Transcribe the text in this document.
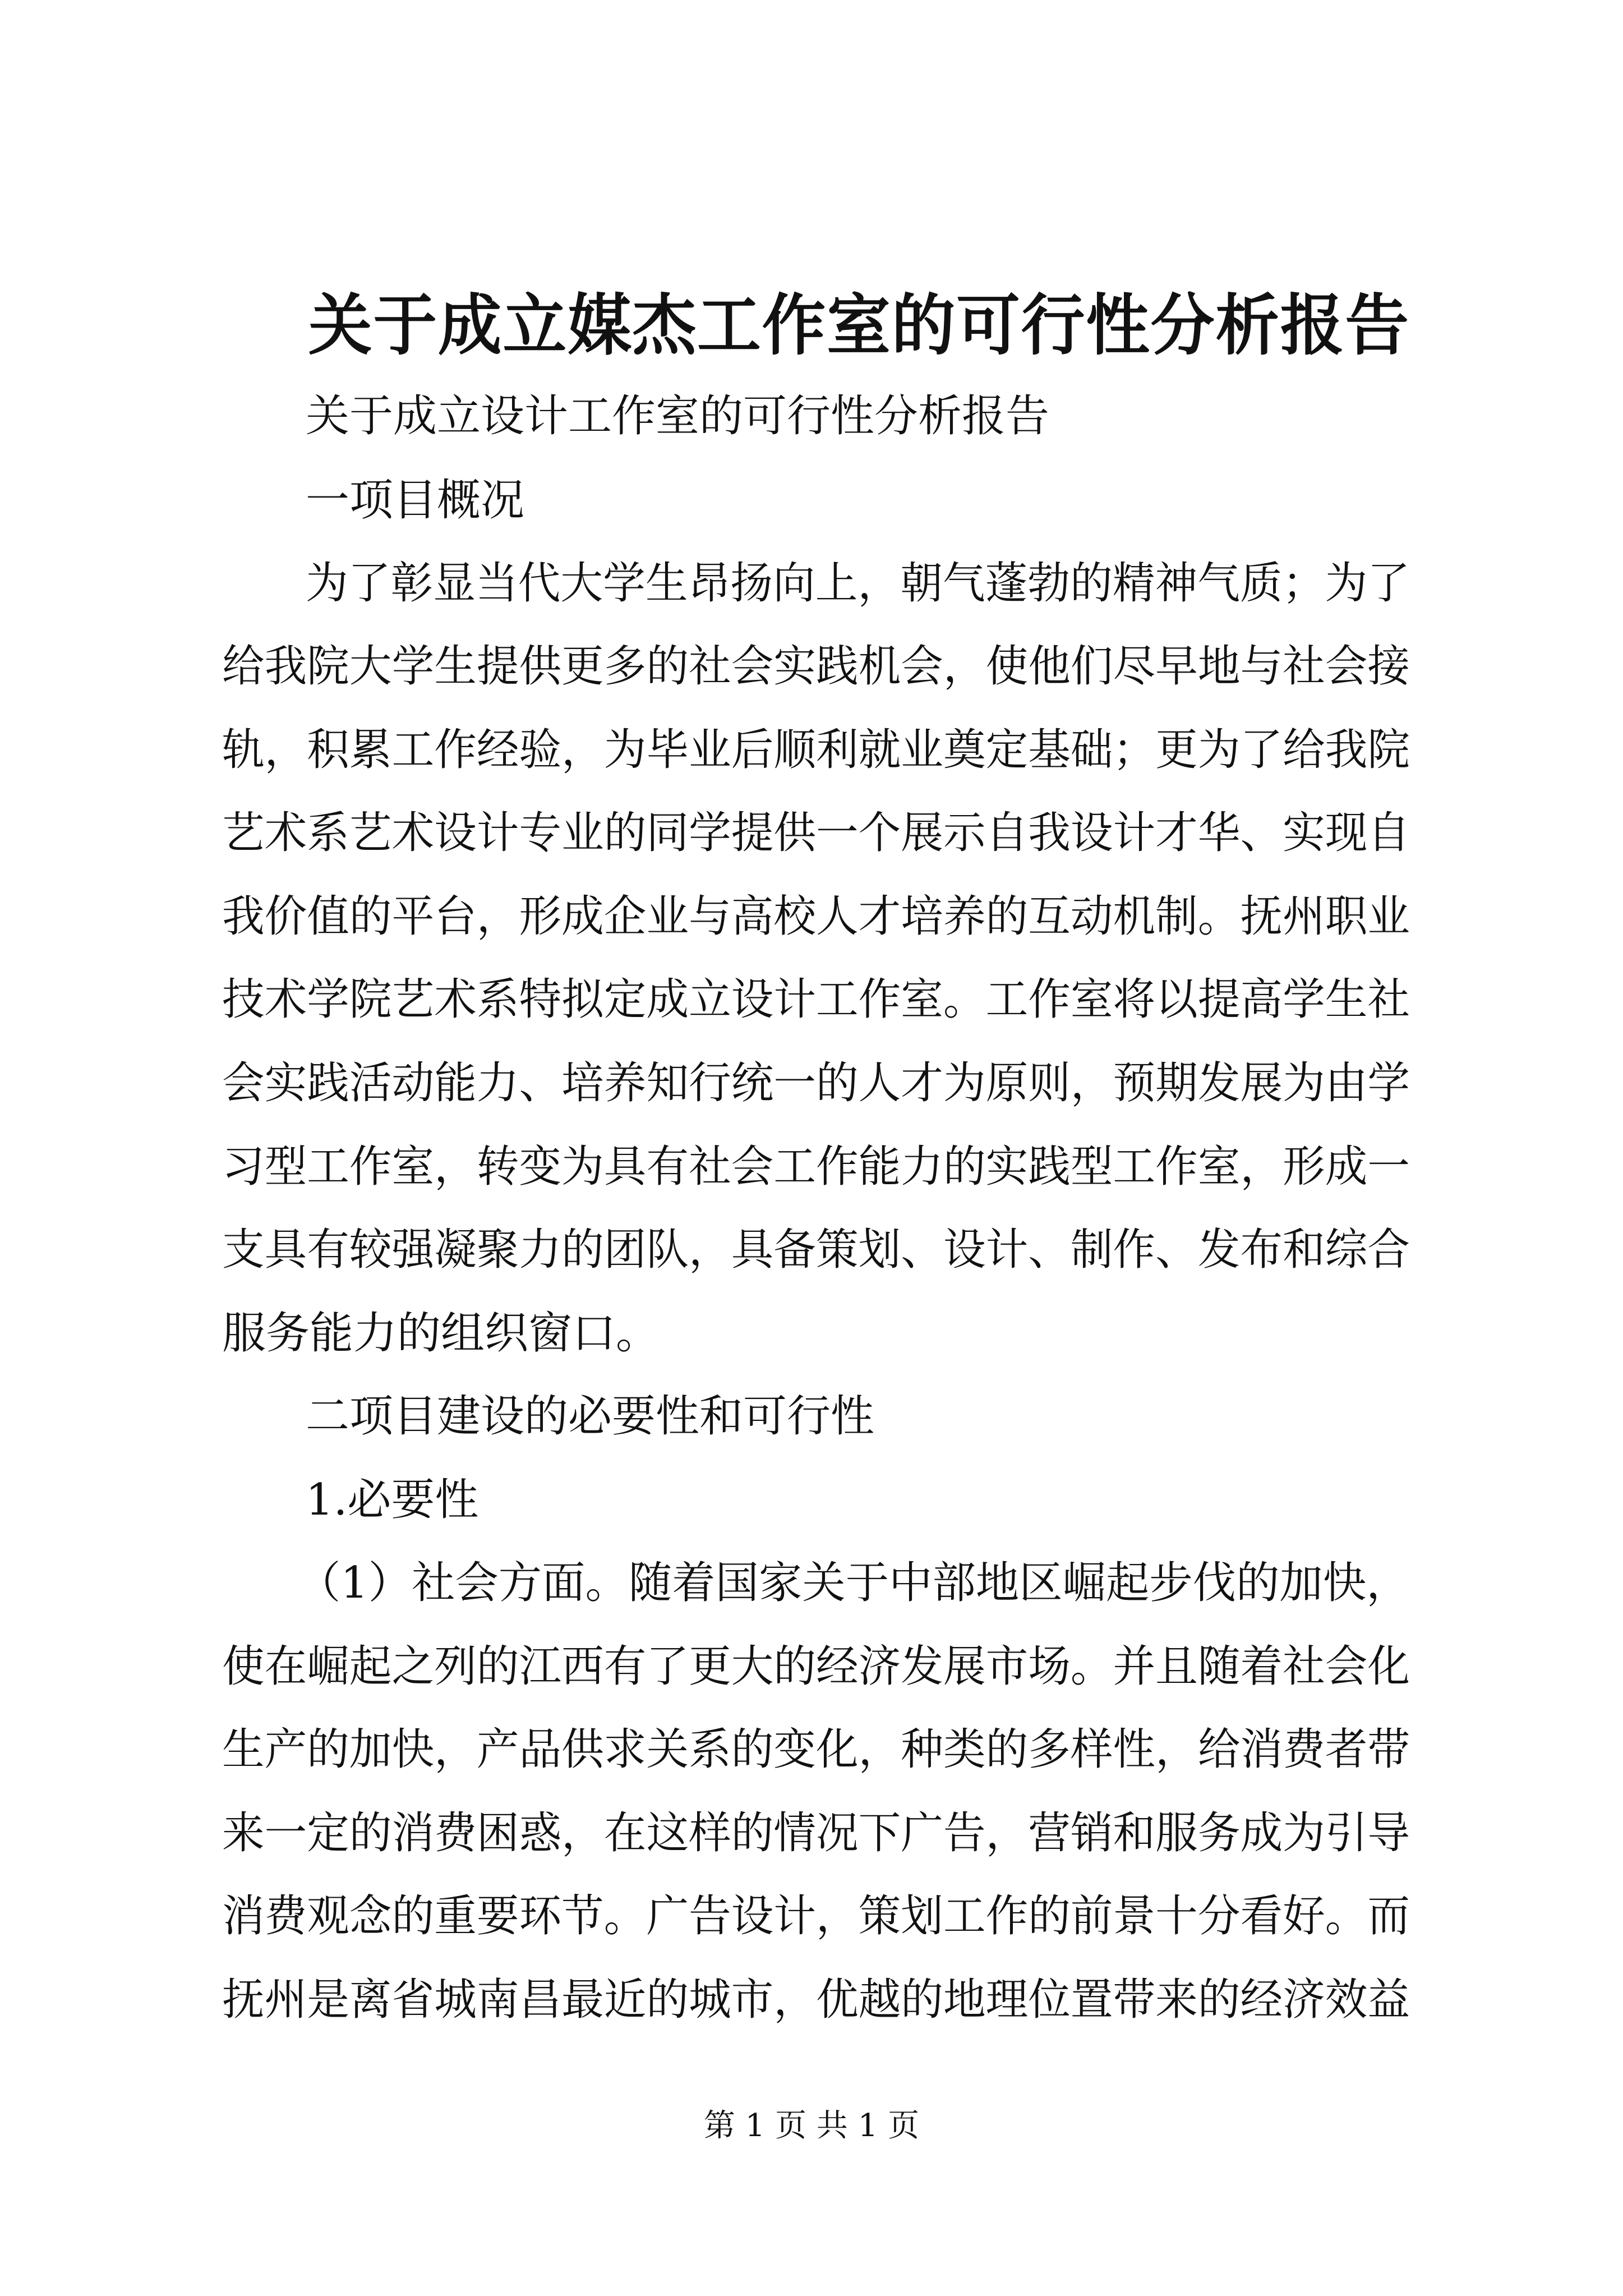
关于成立媒杰工作室的可行性分析报告
关于成立设计工作室的可行性分析报告
一项目概况
为了彰显当代大学生昂扬向上，朝气蓬勃的精神气质；为了
给我院大学生提供更多的社会实践机会，使他们尽早地与社会接
轨，积累工作经验，为毕业后顺利就业奠定基础；更为了给我院
艺术系艺术设计专业的同学提供一个展示自我设计才华、实现自
我价值的平台，形成企业与高校人才培养的互动机制。抚州职业
技术学院艺术系特拟定成立设计工作室。工作室将以提高学生社
会实践活动能力、培养知行统一的人才为原则，预期发展为由学
习型工作室，转变为具有社会工作能力的实践型工作室，形成一
支具有较强凝聚力的团队，具备策划、设计、制作、发布和综合
服务能力的组织窗口。
二项目建设的必要性和可行性
1.必要性
（1）社会方面。随着国家关于中部地区崛起步伐的加快，
使在崛起之列的江西有了更大的经济发展市场。并且随着社会化
生产的加快，产品供求关系的变化，种类的多样性，给消费者带
来一定的消费困惑，在这样的情况下广告，营销和服务成为引导
消费观念的重要环节。广告设计，策划工作的前景十分看好。而
抚州是离省城南昌最近的城市，优越的地理位置带来的经济效益
第 1 页 共 1 页
